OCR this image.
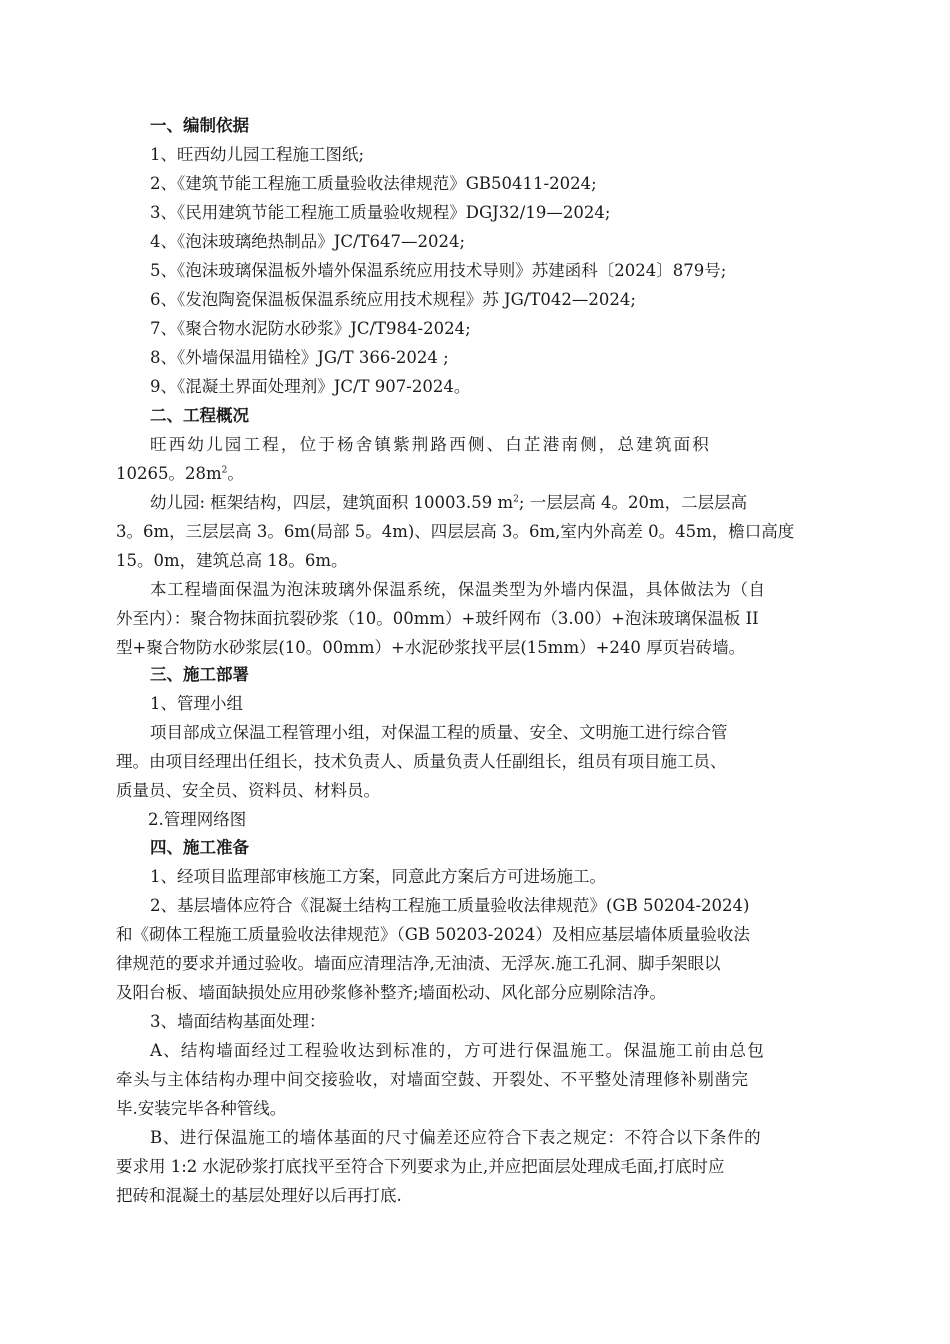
一、编制依据
1、旺西幼儿园工程施工图纸;
2、《建筑节能工程施工质量验收法律规范》GB50411-2024;
3、《民用建筑节能工程施工质量验收规程》DGJ32/19—2024;
4、《泡沫玻璃绝热制品》JC/T647—2024;
5、《泡沫玻璃保温板外墙外保温系统应用技术导则》苏建函科〔2024〕879号;
6、《发泡陶瓷保温板保温系统应用技术规程》苏 JG/T042—2024;
7、《聚合物水泥防水砂浆》JC/T984-2024;
8、《外墙保温用锚栓》JG/T 366-2024 ;
9、《混凝土界面处理剂》JC/T 907-2024。
二、工程概况
旺西幼儿园工程，位于杨舍镇紫荆路西侧、白芷港南侧，总建筑面积
10265。$28m^2$。
幼儿园: 框架结构，四层，建筑面积 10003.59 $m^2$; 一层层高 4。20m，二层层高
3。6m，三层层高 3。6m(局部 5。4m)、四层层高 3。6m,室内外高差 0。45m，檐口高度
15。0m，建筑总高 18。6m。
本工程墙面保温为泡沫玻璃外保温系统，保温类型为外墙内保温，具体做法为（自
外至内）：聚合物抹面抗裂砂浆（10。00mm）+玻纤网布（3.00）+泡沫玻璃保温板 II
型+聚合物防水砂浆层(10。00mm）+水泥砂浆找平层(15mm）+240 厚页岩砖墙。
三、施工部署
1、管理小组
项目部成立保温工程管理小组，对保温工程的质量、安全、文明施工进行综合管
理。由项目经理出任组长，技术负责人、质量负责人任副组长，组员有项目施工员、
质量员、安全员、资料员、材料员。
2.管理网络图
四、施工准备
1、经项目监理部审核施工方案，同意此方案后方可进场施工。
2、基层墙体应符合《混凝土结构工程施工质量验收法律规范》(GB 50204-2024)
和《砌体工程施工质量验收法律规范》（GB 50203-2024）及相应基层墙体质量验收法
律规范的要求并通过验收。墙面应清理洁净,无油渍、无浮灰.施工孔洞、脚手架眼以
及阳台板、墙面缺损处应用砂浆修补整齐;墙面松动、风化部分应剔除洁净。
3、墙面结构基面处理：
A、结构墙面经过工程验收达到标准的，方可进行保温施工。保温施工前由总包
牵头与主体结构办理中间交接验收，对墙面空鼓、开裂处、不平整处清理修补剔凿完
毕.安装完毕各种管线。
B、进行保温施工的墙体基面的尺寸偏差还应符合下表之规定：不符合以下条件的
要求用 1:2 水泥砂浆打底找平至符合下列要求为止,并应把面层处理成毛面,打底时应
把砖和混凝土的基层处理好以后再打底.
